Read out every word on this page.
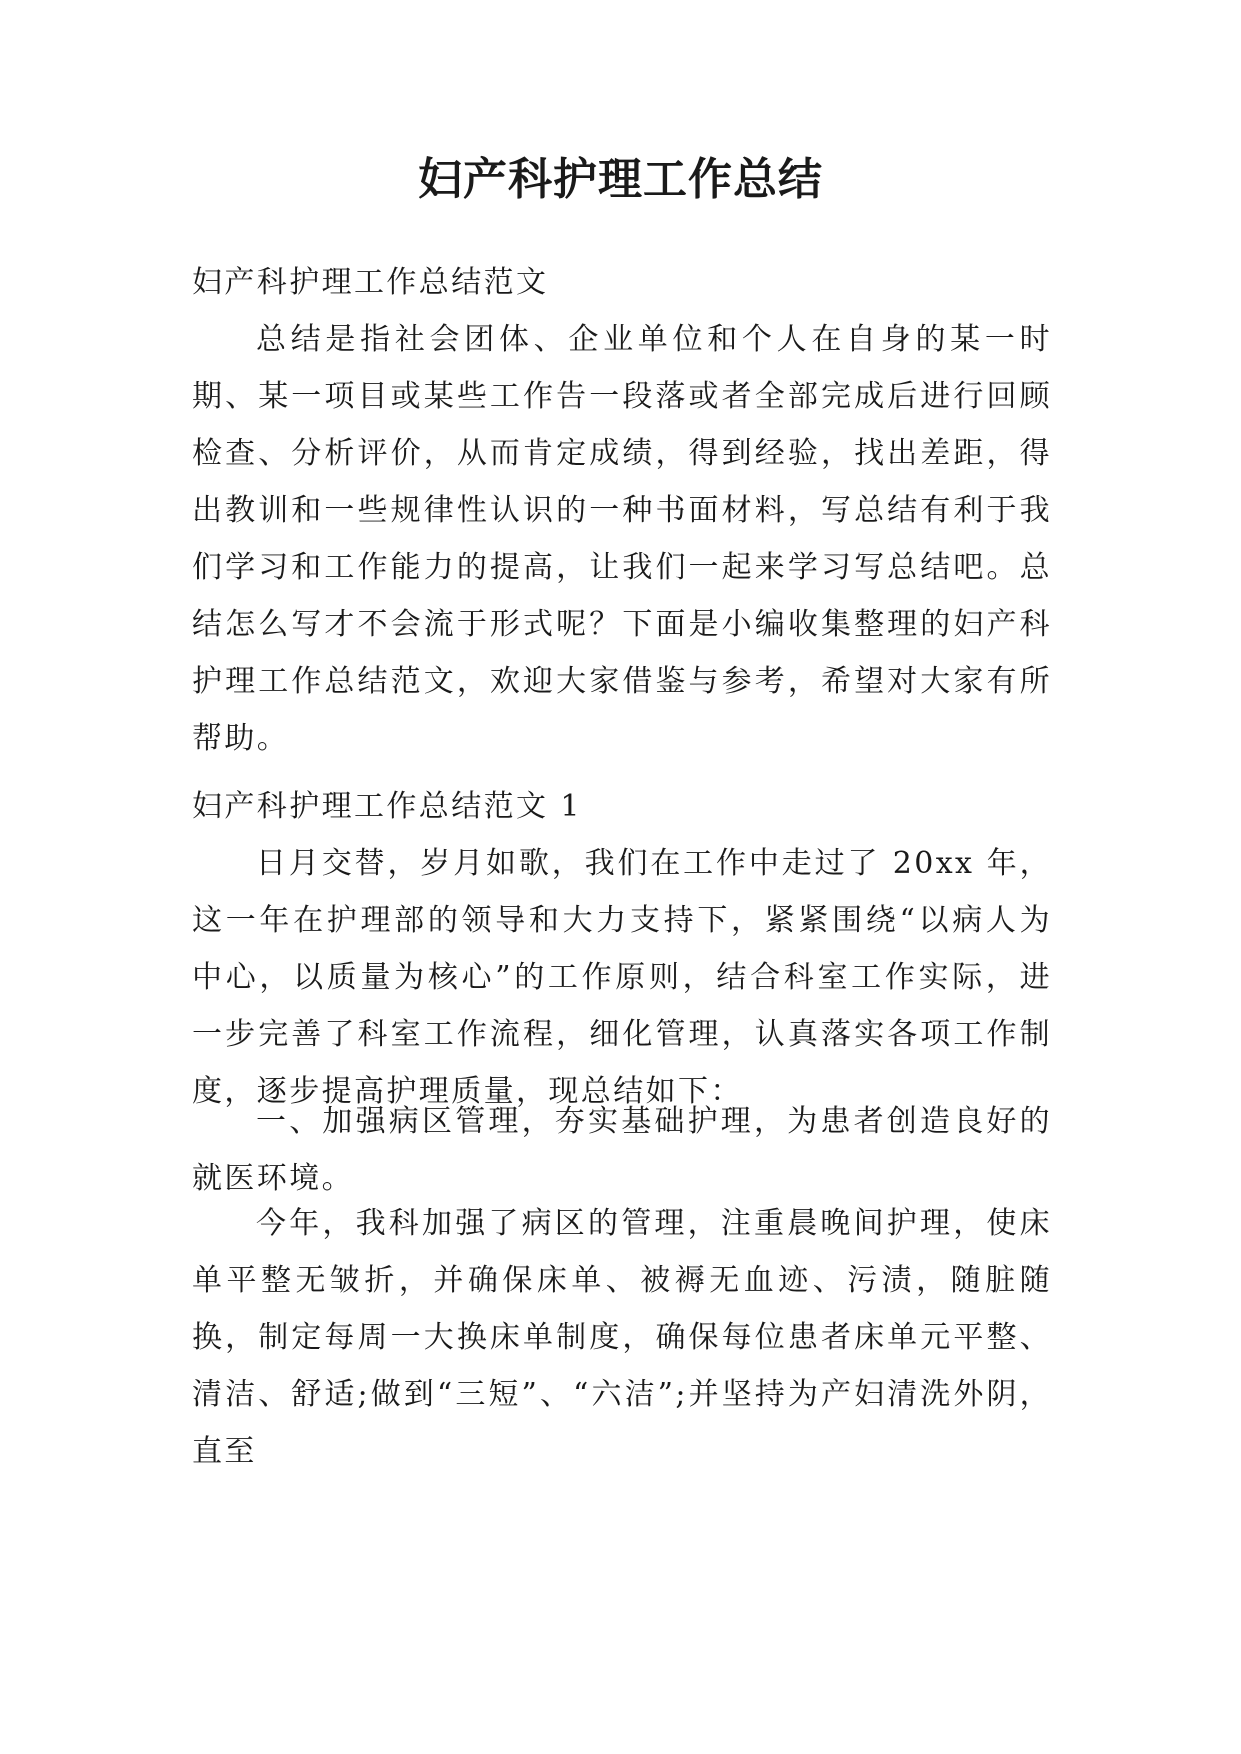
妇产科护理工作总结

妇产科护理工作总结范文

总结是指社会团体、企业单位和个人在自身的某一时期、某一项目或某些工作告一段落或者全部完成后进行回顾检查、分析评价，从而肯定成绩，得到经验，找出差距，得出教训和一些规律性认识的一种书面材料，写总结有利于我们学习和工作能力的提高，让我们一起来学习写总结吧。总结怎么写才不会流于形式呢？下面是小编收集整理的妇产科护理工作总结范文，欢迎大家借鉴与参考，希望对大家有所帮助。

妇产科护理工作总结范文 1

日月交替，岁月如歌，我们在工作中走过了 20xx 年，这一年在护理部的领导和大力支持下，紧紧围绕“以病人为中心，以质量为核心”的工作原则，结合科室工作实际，进一步完善了科室工作流程，细化管理，认真落实各项工作制度，逐步提高护理质量，现总结如下：

一、加强病区管理，夯实基础护理，为患者创造良好的就医环境。

今年，我科加强了病区的管理，注重晨晚间护理，使床单平整无皱折，并确保床单、被褥无血迹、污渍，随脏随换，制定每周一大换床单制度，确保每位患者床单元平整、清洁、舒适;做到“三短”、“六洁”;并坚持为产妇清洗外阴，直至
